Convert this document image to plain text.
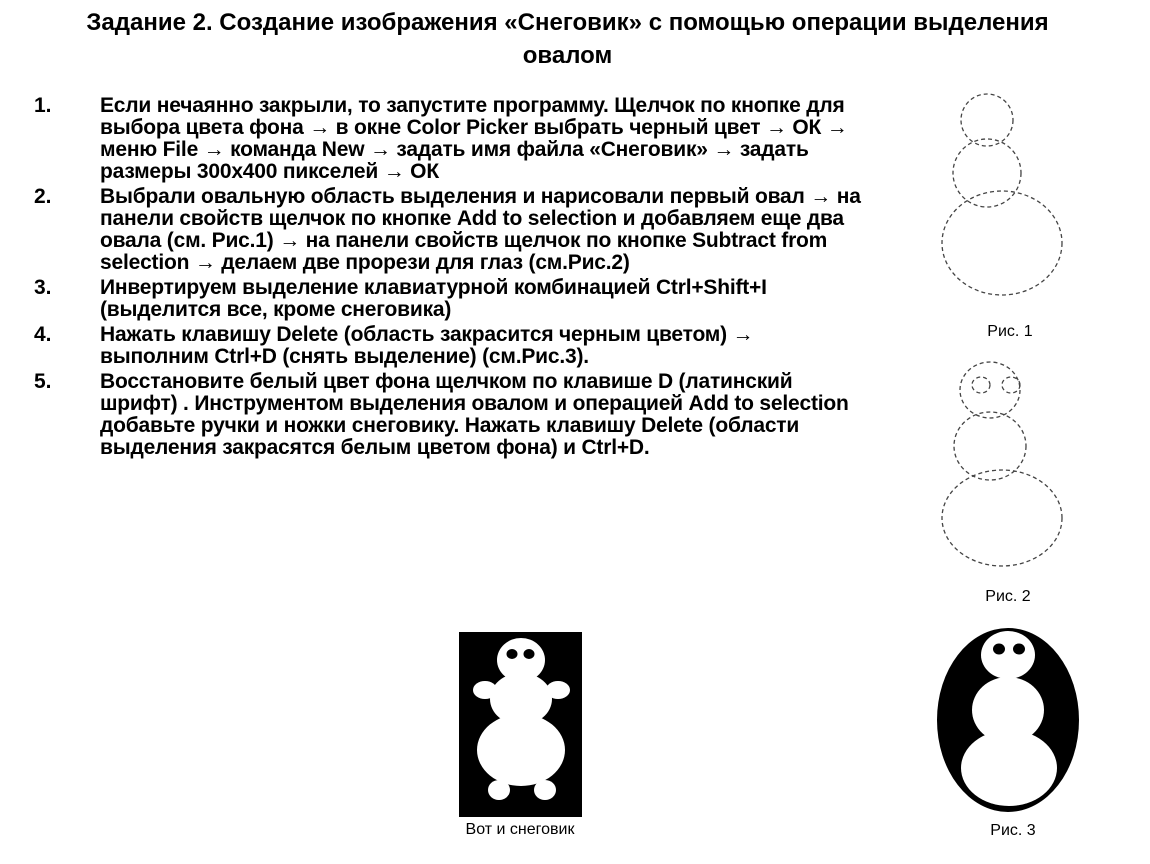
Задание 2. Создание изображения «Снеговик» с помощью операции выделения овалом
1.	Если нечаянно закрыли, то запустите программу. Щелчок по кнопке для выбора цвета фона → в окне Color Picker выбрать черный цвет → ОК → меню File → команда New → задать имя файла «Снеговик» → задать размеры 300х400 пикселей → ОК
2.	Выбрали овальную область выделения и нарисовали первый овал → на панели свойств щелчок по кнопке Add to selection и добавляем еще два овала (см. Рис.1) → на панели свойств щелчок по кнопке Subtract from selection → делаем две прорези для глаз (см.Рис.2)
3.	Инвертируем выделение клавиатурной комбинацией Ctrl+Shift+I (выделится все, кроме снеговика)
4.	Нажать клавишу Delete (область закрасится черным цветом) → выполним Ctrl+D (снять выделение) (см.Рис.3).
5.	Восстановите белый цвет фона щелчком по клавише D (латинский шрифт) . Инструментом выделения овалом и операцией Add to selection добавьте ручки и ножки снеговику. Нажать клавишу Delete (области выделения закрасятся белым цветом фона) и Ctrl+D.
Рис. 1
Рис. 2
Рис. 3
Вот и снеговик
